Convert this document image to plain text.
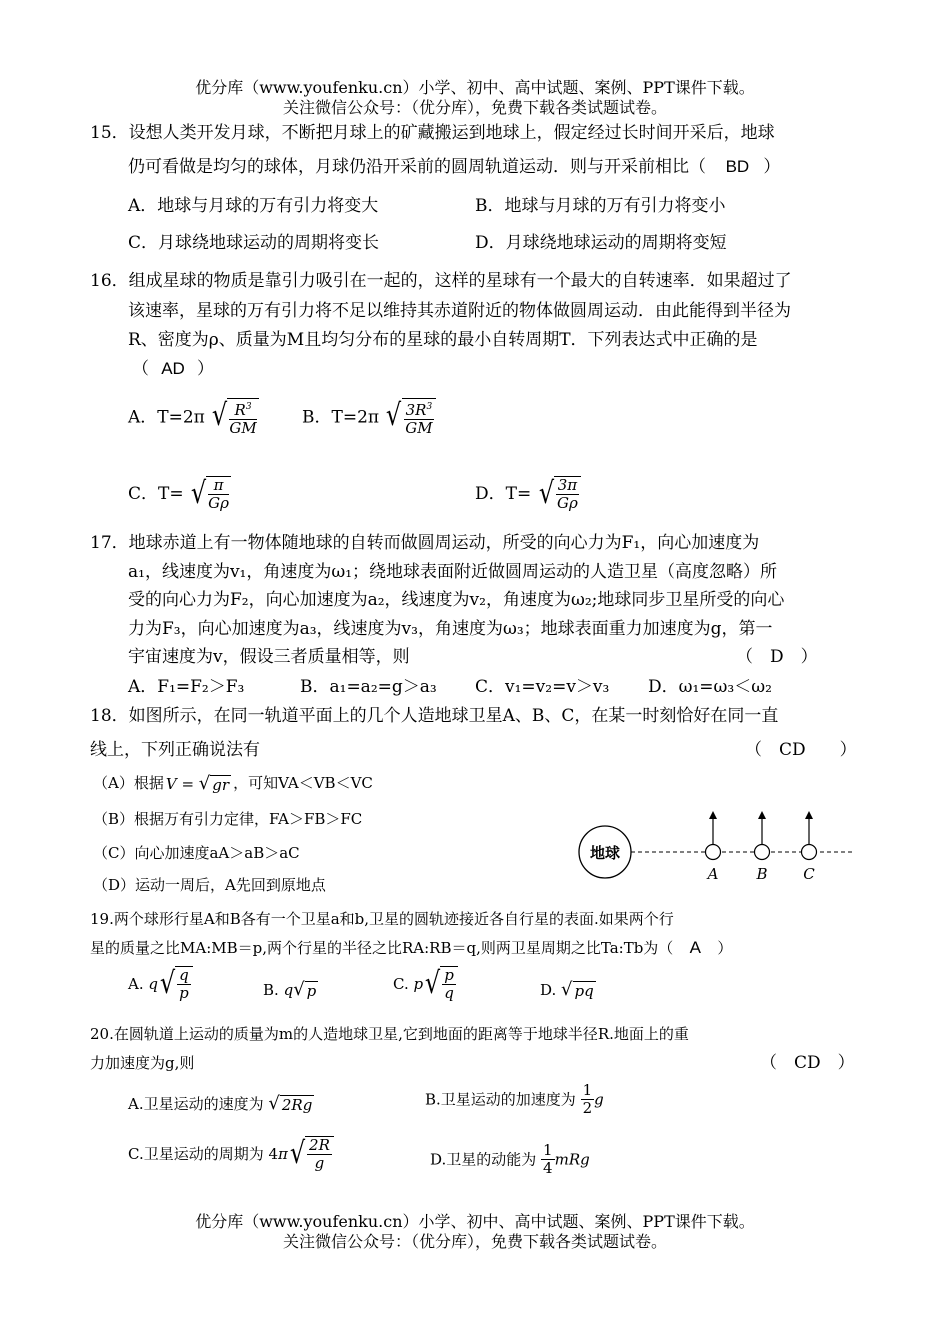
优分库（www.youfenku.cn）小学、初中、高中试题、案例、PPT课件下载。
关注微信公众号：（优分库），免费下载各类试题试卷。
15．设想人类开发月球，不断把月球上的矿藏搬运到地球上，假定经过长时间开采后，地球
仍可看做是均匀的球体，月球仍沿开采前的圆周轨道运动．则与开采前相比（ BD ）
A．地球与月球的万有引力将变大	B．地球与月球的万有引力将变小
C．月球绕地球运动的周期将变长	D．月球绕地球运动的周期将变短
16．组成星球的物质是靠引力吸引在一起的，这样的星球有一个最大的自转速率．如果超过了
该速率，星球的万有引力将不足以维持其赤道附近的物体做圆周运动．由此能得到半径为
R、密度为ρ、质量为M且均匀分布的星球的最小自转周期T．下列表达式中正确的是
（ AD ）
A．T=2π √ $\frac{R^3}{GM}$	B．T=2π √ $\frac{3R^3}{GM}$
C．T= √ $\frac{\pi}{G\rho}$	D．T= √ $\frac{3\pi}{G\rho}$
17．地球赤道上有一物体随地球的自转而做圆周运动，所受的向心力为F₁，向心加速度为
a₁，线速度为v₁，角速度为ω₁；绕地球表面附近做圆周运动的人造卫星（高度忽略）所
受的向心力为F₂，向心加速度为a₂，线速度为v₂，角速度为ω₂;地球同步卫星所受的向心
力为F₃，向心加速度为a₃，线速度为v₃，角速度为ω₃；地球表面重力加速度为g，第一
宇宙速度为v，假设三者质量相等，则	（　D　）
A．F₁=F₂＞F₃	B．a₁=a₂=g＞a₃ C．v₁=v₂=v＞v₃ D．ω₁=ω₃＜ω₂
18．如图所示，在同一轨道平面上的几个人造地球卫星A、B、C，在某一时刻恰好在同一直
线上，下列正确说法有	（　CD　　）
（A）根据 V = √ gr ，可知VA＜VB＜VC
（B）根据万有引力定律，FA＞FB＞FC
（C）向心加速度aA＞aB＞aC
（D）运动一周后，A先回到原地点
地球
A	B C
19.两个球形行星A和B各有一个卫星a和b,卫星的圆轨迹接近各自行星的表面.如果两个行
星的质量之比MA:MB＝p,两个行星的半径之比RA:RB＝q,则两卫星周期之比Ta:Tb为（ A ）
A. q √ $\frac{q}{p}$	B. q √ p	C. p √ $\frac{p}{q}$	D. √ pq
20.在圆轨道上运动的质量为m的人造地球卫星,它到地面的距离等于地球半径R.地面上的重
力加速度为g,则	（　CD　）
A.卫星运动的速度为 √ 2Rg	B.卫星运动的加速度为 $\frac{1}{2}$ g
C.卫星运动的周期为 4π √ $\frac{2R}{g}$	D.卫星的动能为 $\frac{1}{4}$ mRg
优分库（www.youfenku.cn）小学、初中、高中试题、案例、PPT课件下载。
关注微信公众号：（优分库），免费下载各类试题试卷。
